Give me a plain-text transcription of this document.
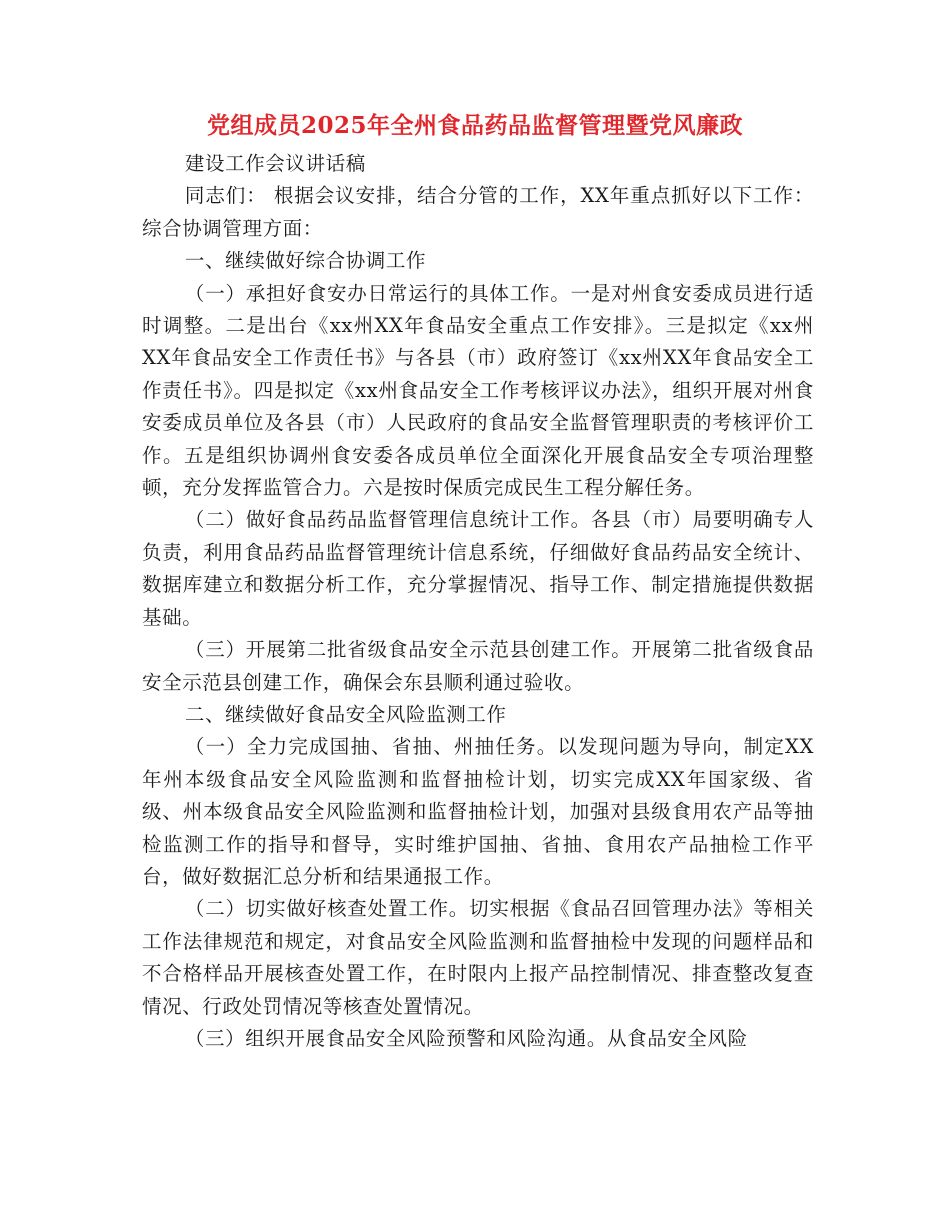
党组成员2025年全州食品药品监督管理暨党风廉政

建设工作会议讲话稿

同志们： 根据会议安排，结合分管的工作，XX年重点抓好以下工作：综合协调管理方面：

一、继续做好综合协调工作

（一）承担好食安办日常运行的具体工作。一是对州食安委成员进行适时调整。二是出台《xx州XX年食品安全重点工作安排》。三是拟定《xx州XX年食品安全工作责任书》与各县（市）政府签订《xx州XX年食品安全工作责任书》。四是拟定《xx州食品安全工作考核评议办法》，组织开展对州食安委成员单位及各县（市）人民政府的食品安全监督管理职责的考核评价工作。五是组织协调州食安委各成员单位全面深化开展食品安全专项治理整顿，充分发挥监管合力。六是按时保质完成民生工程分解任务。

（二）做好食品药品监督管理信息统计工作。各县（市）局要明确专人负责，利用食品药品监督管理统计信息系统，仔细做好食品药品安全统计、数据库建立和数据分析工作，充分掌握情况、指导工作、制定措施提供数据基础。

（三）开展第二批省级食品安全示范县创建工作。开展第二批省级食品安全示范县创建工作，确保会东县顺利通过验收。

二、继续做好食品安全风险监测工作

（一）全力完成国抽、省抽、州抽任务。以发现问题为导向，制定XX年州本级食品安全风险监测和监督抽检计划，切实完成XX年国家级、省级、州本级食品安全风险监测和监督抽检计划，加强对县级食用农产品等抽检监测工作的指导和督导，实时维护国抽、省抽、食用农产品抽检工作平台，做好数据汇总分析和结果通报工作。

（二）切实做好核查处置工作。切实根据《食品召回管理办法》等相关工作法律规范和规定，对食品安全风险监测和监督抽检中发现的问题样品和不合格样品开展核查处置工作，在时限内上报产品控制情况、排查整改复查情况、行政处罚情况等核查处置情况。

（三）组织开展食品安全风险预警和风险沟通。从食品安全风险
